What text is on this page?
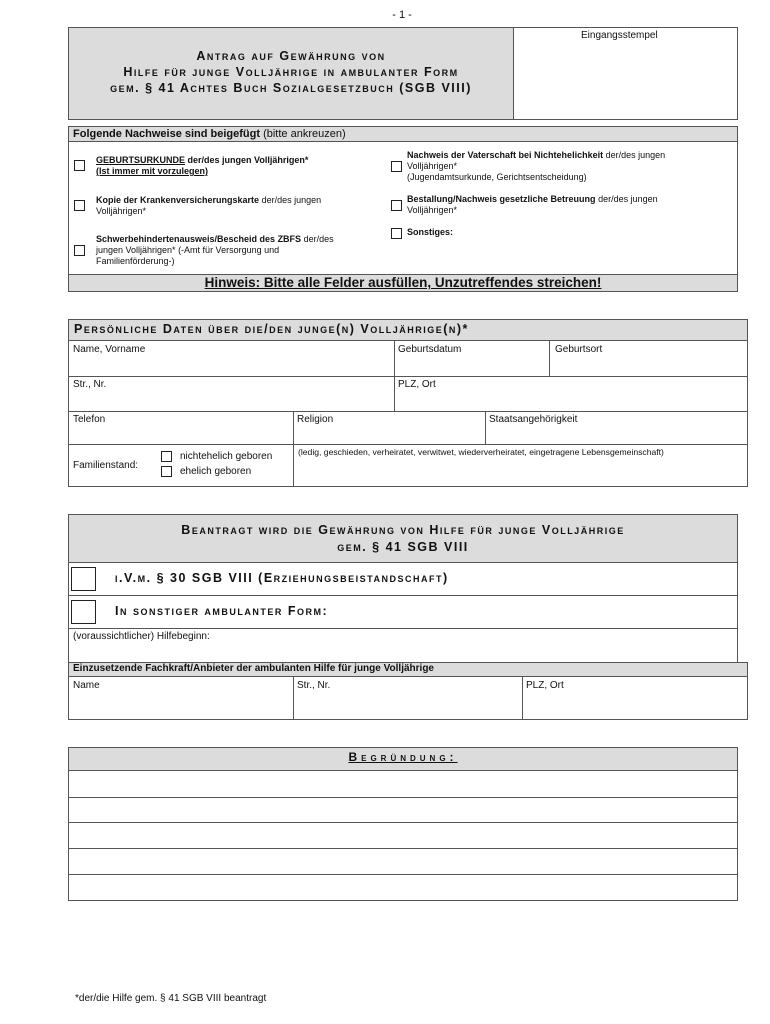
- 1 -
Antrag auf Gewährung von
Hilfe für junge Volljährige in ambulanter Form
gem. § 41 Achtes Buch Sozialgesetzbuch (SGB VIII)
Eingangsstempel
Folgende Nachweise sind beigefügt (bitte ankreuzen)
GEBURTSURKUNDE der/des jungen Volljährigen*
(Ist immer mit vorzulegen)
Kopie der Krankenversicherungskarte der/des jungen
Volljährigen*
Schwerbehindertenausweis/Bescheid des ZBFS der/des
jungen Volljährigen* (-Amt für Versorgung und
Familienförderung-)
Nachweis der Vaterschaft bei Nichtehelichkeit der/des jungen
Volljährigen*
(Jugendamtsurkunde, Gerichtsentscheidung)
Bestallung/Nachweis gesetzliche Betreuung der/des jungen
Volljährigen*
Sonstiges:
Hinweis: Bitte alle Felder ausfüllen, Unzutreffendes streichen!
Persönliche Daten über die/den junge(n) Volljährige(n)*
Name, Vorname	Geburtsdatum	Geburtsort
Str., Nr.	PLZ, Ort
Telefon	Religion	Staatsangehörigkeit
Familienstand:
nichtehelich geboren
ehelich geboren
(ledig, geschieden, verheiratet, verwitwet, wiederverheiratet, eingetragene Lebensgemeinschaft)
Beantragt wird die Gewährung von Hilfe für junge Volljährige
gem. § 41 SGB VIII
i.V.m. § 30 SGB VIII (Erziehungsbeistandschaft)
In sonstiger ambulanter Form:
(voraussichtlicher) Hilfebeginn:
Einzusetzende Fachkraft/Anbieter der ambulanten Hilfe für junge Volljährige
Name	Str., Nr.	PLZ, Ort
Begründung:
*der/die Hilfe gem. § 41 SGB VIII beantragt
